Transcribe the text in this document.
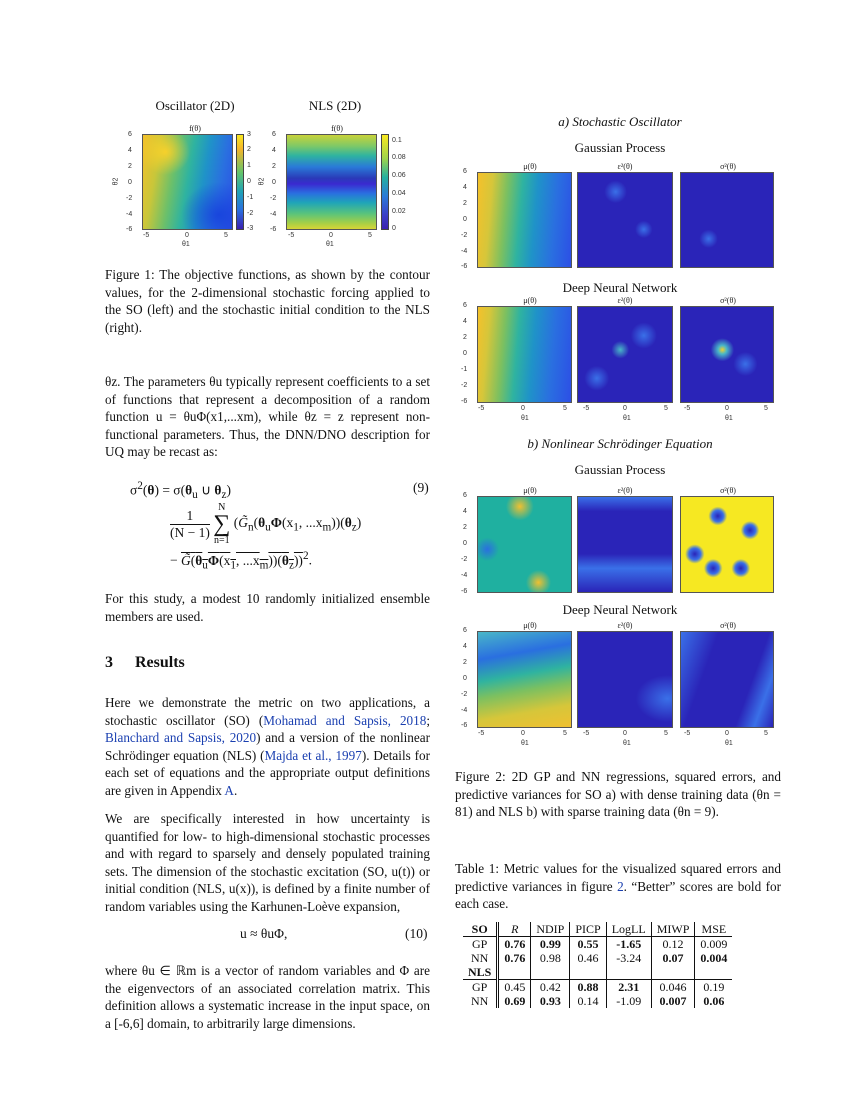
Oscillator (2D)	NLS (2D)
f(θ)
6
4
2
0
-2
-4
-6
θ2
-5	0	5
θ1
3
2
1
0
-1
-2
-3
f(θ)
6
4
2
0
-2
-4
-6
θ2
-5	0	5
θ1
0.1
0.08
0.06
0.04
0.02
0
Figure 1: The objective functions, as shown by the contour values, for the 2-dimensional stochastic forcing applied to the SO (left) and the stochastic initial condition to the NLS (right).
θz. The parameters θu typically represent coefficients to a set of functions that represent a decomposition of a random function u = θuΦ(x1,...xm), while θz = z represent non-functional parameters. Thus, the DNN/DNO description for UQ may be recast as:
$\sigma^2(\theta) = \sigma(\theta_u$ ∪ $\theta_z$)	(9)
$\frac{1}{(N - 1)}$
N
∑
n=1
($G̃_n(\theta_u\Phi(x_1$, $...x_m))(\theta_z)$
− $G̃(\theta_u\Phi(x_1$, $...x_m))(\theta_z))^2$.
For this study, a modest 10 randomly initialized ensemble members are used.
3 Results
Here we demonstrate the metric on two applications, a stochastic oscillator (SO) (Mohamad and Sapsis, 2018; Blanchard and Sapsis, 2020) and a version of the nonlinear Schrödinger equation (NLS) (Majda et al., 1997). Details for each set of equations and the appropriate output definitions are given in Appendix A.
We are specifically interested in how uncertainty is quantified for low- to high-dimensional stochastic processes and with regard to sparsely and densely populated training sets. The dimension of the stochastic excitation (SO, u(t)) or initial condition (NLS, u(x)), is defined by a finite number of random variables using the Karhunen-Loève expansion,
u ≈ θuΦ,	(10)
where θu ∈ ℝm is a vector of random variables and Φ are the eigenvectors of an associated correlation matrix. This definition allows a systematic increase in the input space, on a [-6,6] domain, to arbitrarily large dimensions.
a) Stochastic Oscillator
Gaussian Process
μ(θ)	ε²(θ)	σ²(θ)
Deep Neural Network
μ(θ)	ε²(θ)	σ²(θ)
6
4
2
0
-2
-4
-6
6
4
2
0
-1
-2
-6
-5	0	5 -5	0	5 -5	0	5
θ1	θ1	θ1
b) Nonlinear Schrödinger Equation
Gaussian Process
μ(θ)	ε²(θ)	σ²(θ)
Deep Neural Network
μ(θ)	ε²(θ)	σ²(θ)
6
4
2
0
-2
-4
-6
6
4
2
0
-2
-4
-6
-5	0	5 -5	0	5 -5	0	5
θ1	θ1	θ1
Figure 2: 2D GP and NN regressions, squared errors, and predictive variances for SO a) with dense training data (θn = 81) and NLS b) with sparse training data (θn = 9).
Table 1: Metric values for the visualized squared errors and predictive variances in figure 2. “Better” scores are bold for each case.
SO	R	NDIP	PICP	LogLL	MIWP	MSE
GP	0.76	0.99	0.55	-1.65	0.12	0.009
NN	0.76	0.98	0.46	-3.24	0.07	0.004
NLS						
GP	0.45	0.42	0.88	2.31	0.046	0.19
NN	0.69	0.93	0.14	-1.09	0.007	0.06
